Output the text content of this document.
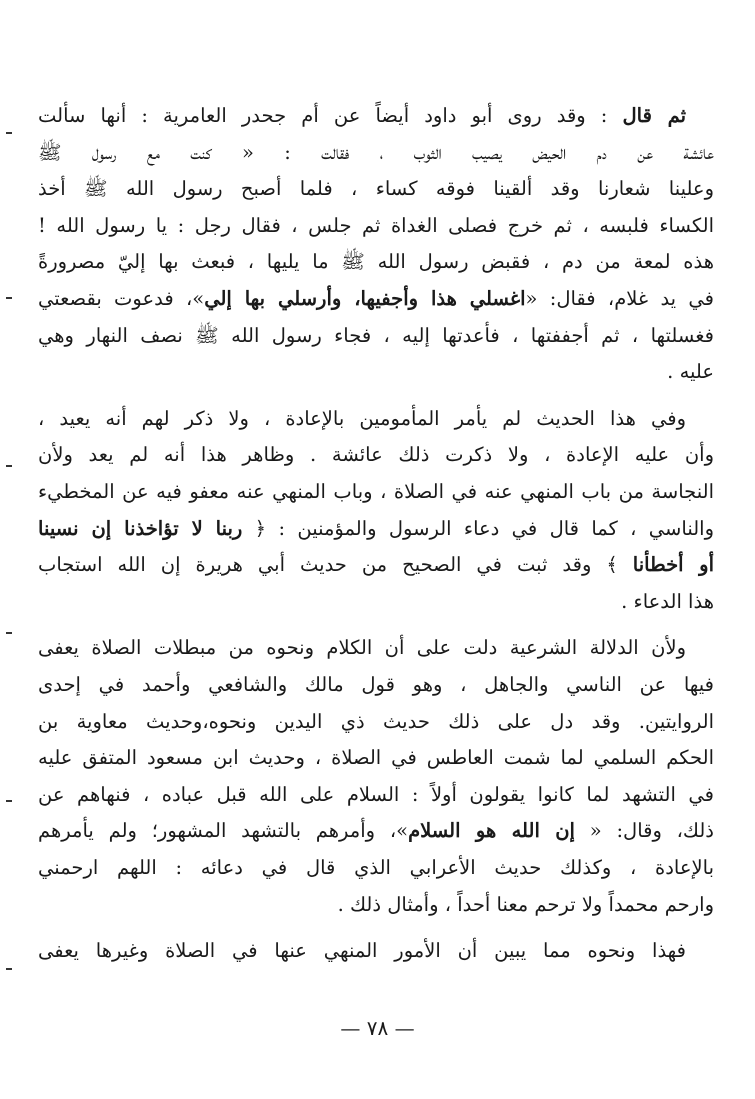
ثم قال : وقد روى أبو داود أيضاً عن أم جحدر العامرية : أنها سألت
عائشة عن دم الحيض يصيب الثوب ، فقالت : « كنت مع رسول ﷺ
وعلينا شعارنا وقد ألقينا فوقه كساء ، فلما أصبح رسول الله ﷺ أخذ
الكساء فلبسه ، ثم خرج فصلى الغداة ثم جلس ، فقال رجل : يا رسول الله !
هذه لمعة من دم ، فقبض رسول الله ﷺ ما يليها ، فبعث بها إليّ مصرورةً
في يد غلام، فقال: «اغسلي هذا وأجفيها، وأرسلي بها إلي»، فدعوت بقصعتي
فغسلتها ، ثم أجففتها ، فأعدتها إليه ، فجاء رسول الله ﷺ نصف النهار وهي
عليه .
وفي هذا الحديث لم يأمر المأمومين بالإعادة ، ولا ذكر لهم أنه يعيد ،
وأن عليه الإعادة ، ولا ذكرت ذلك عائشة . وظاهر هذا أنه لم يعد ولأن
النجاسة من باب المنهي عنه في الصلاة ، وباب المنهي عنه معفو فيه عن المخطيء
والناسي ، كما قال في دعاء الرسول والمؤمنين : ﴿ ربنا لا تؤاخذنا إن نسينا
أو أخطأنا ﴾ وقد ثبت في الصحيح من حديث أبي هريرة إن الله استجاب
هذا الدعاء .
ولأن الدلالة الشرعية دلت على أن الكلام ونحوه من مبطلات الصلاة يعفى
فيها عن الناسي والجاهل ، وهو قول مالك والشافعي وأحمد في إحدى
الروايتين. وقد دل على ذلك حديث ذي اليدين ونحوه،وحديث معاوية بن
الحكم السلمي لما شمت العاطس في الصلاة ، وحديث ابن مسعود المتفق عليه
في التشهد لما كانوا يقولون أولاً : السلام على الله قبل عباده ، فنهاهم عن
ذلك، وقال: « إن الله هو السلام»، وأمرهم بالتشهد المشهور؛ ولم يأمرهم
بالإعادة ، وكذلك حديث الأعرابي الذي قال في دعائه : اللهم ارحمني
وارحم محمداً ولا ترحم معنا أحداً ، وأمثال ذلك .
فهذا ونحوه مما يبين أن الأمور المنهي عنها في الصلاة وغيرها يعفى
— ٧٨ —
